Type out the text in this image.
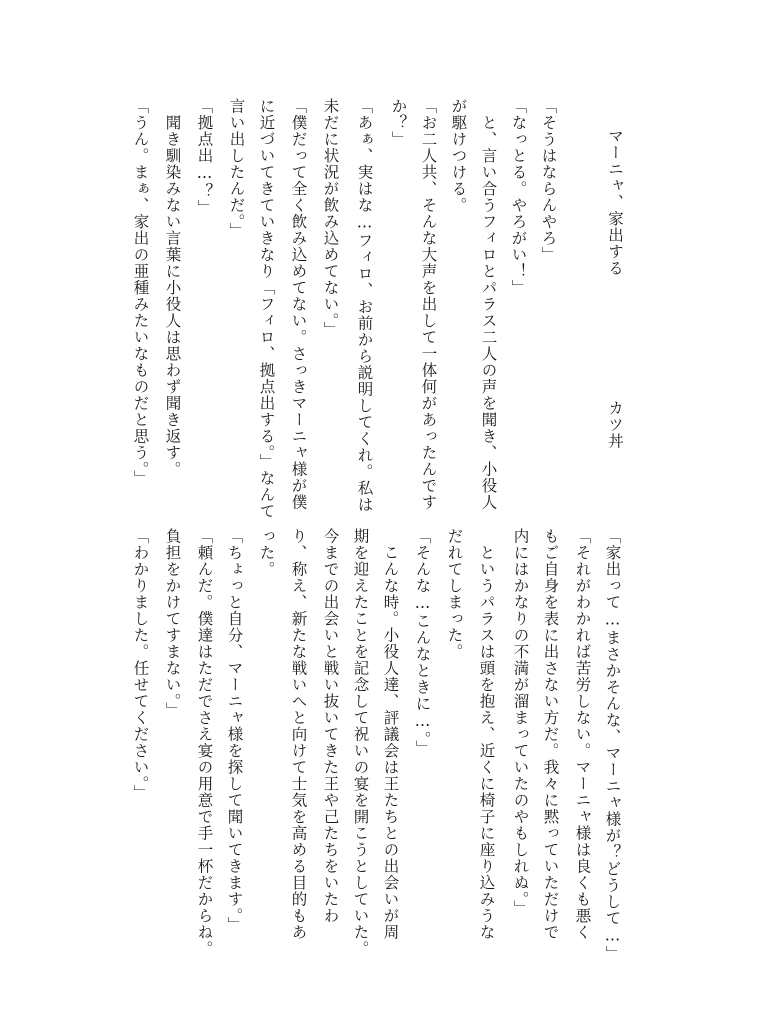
マーニャ、家出する
カツ丼
「そうはならんやろ」
「なっとる。やろがい！」
　と、言い合うフィロとパラス二人の声を聞き、小役人
が駆けつける。
「お二人共、そんな大声を出して一体何があったんです
か？」
「あぁ、実はな…フィロ、お前から説明してくれ。私は
未だに状況が飲み込めてない。」
「僕だって全く飲み込めてない。さっきマーニャ様が僕
に近づいてきていきなり「フィロ、拠点出する。」なんて
言い出したんだ。」
「拠点出…？」
　聞き馴染みない言葉に小役人は思わず聞き返す。
「うん。まぁ、家出の亜種みたいなものだと思う。」
「家出って…まさかそんな、マーニャ様が？どうして…」
「それがわかれば苦労しない。マーニャ様は良くも悪く
もご自身を表に出さない方だ。我々に黙っていただけで
内にはかなりの不満が溜まっていたのやもしれぬ。」
　というパラスは頭を抱え、近くに椅子に座り込みうな
だれてしまった。
「そんな…こんなときに…。」
　こんな時。小役人達、評議会は王たちとの出会いが周
期を迎えたことを記念して祝いの宴を開こうとしていた。
今までの出会いと戦い抜いてきた王や己たちをいたわ
り、称え、新たな戦いへと向けて士気を高める目的もあ
った。
「ちょっと自分、マーニャ様を探して聞いてきます。」
「頼んだ。僕達はただでさえ宴の用意で手一杯だからね。
負担をかけてすまない。」
「わかりました。任せてください。」
